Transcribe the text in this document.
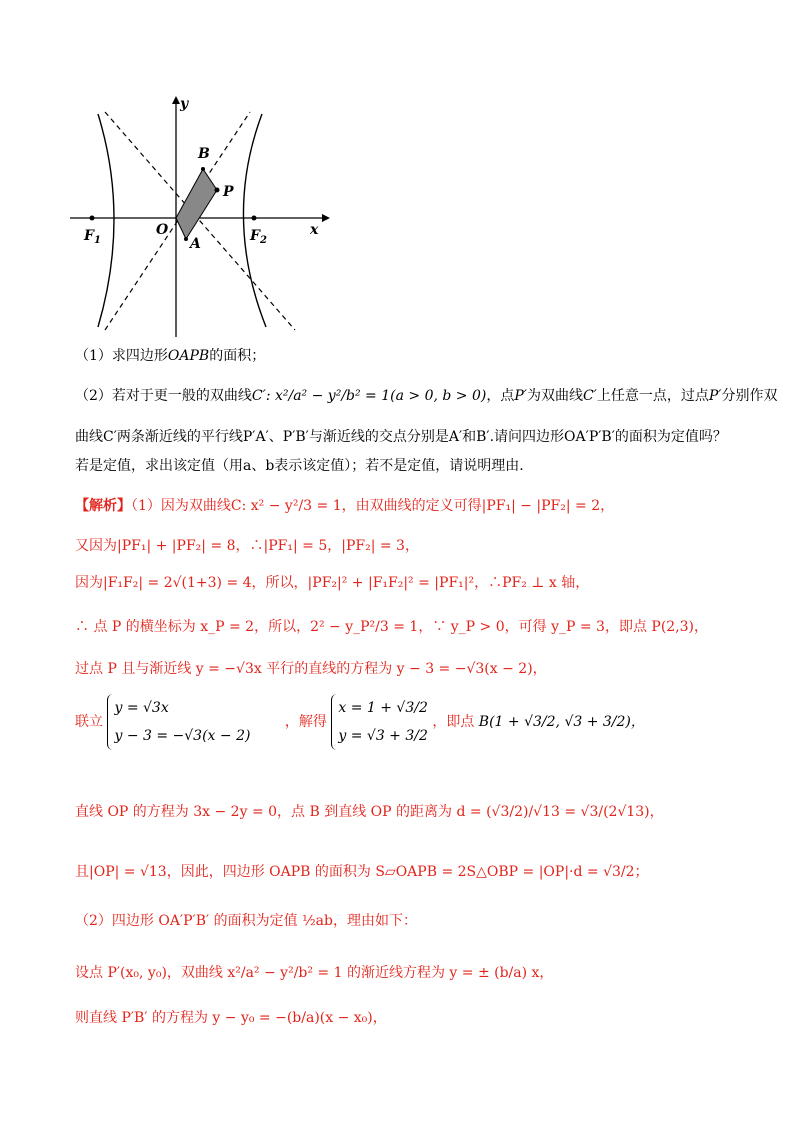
y
x
B
P
O
A
$F_1$	$F_2$
（1）求四边形OAPB的面积；
（2）若对于更一般的双曲线C′: x²/a² − y²/b² = 1(a > 0, b > 0)，点P′为双曲线C′上任意一点，过点P′分别作双
曲线C′两条渐近线的平行线P′A′、P′B′与渐近线的交点分别是A′和B′.请问四边形OA′P′B′的面积为定值吗？
若是定值，求出该定值（用a、b表示该定值）；若不是定值，请说明理由.
【解析】（1）因为双曲线C: x² − y²/3 = 1，由双曲线的定义可得|PF₁| − |PF₂| = 2，
又因为|PF₁| + |PF₂| = 8，∴|PF₁| = 5，|PF₂| = 3，
因为|F₁F₂| = 2√(1+3) = 4，所以，|PF₂|² + |F₁F₂|² = |PF₁|²，∴PF₂ ⊥ x 轴，
∴ 点 P 的横坐标为 x_P = 2，所以，2² − y_P²/3 = 1，∵ y_P > 0，可得 y_P = 3，即点 P(2,3)，
过点 P 且与渐近线 y = −√3x 平行的直线的方程为 y − 3 = −√3(x − 2)，
联立
y = √3x
y − 3 = −√3(x − 2)
，解得
x = 1 + √3/2
y = √3 + 3/2
，即点 B(1 + √3/2, √3 + 3/2)，
直线 OP 的方程为 3x − 2y = 0，点 B 到直线 OP 的距离为 d = (√3/2)/√13 = √3/(2√13)，
且|OP| = √13，因此，四边形 OAPB 的面积为 S▱OAPB = 2S△OBP = |OP|·d = √3/2；
（2）四边形 OA′P′B′ 的面积为定值 ½ab，理由如下：
设点 P′(x₀, y₀)，双曲线 x²/a² − y²/b² = 1 的渐近线方程为 y = ± (b/a) x，
则直线 P′B′ 的方程为 y − y₀ = −(b/a)(x − x₀)，
